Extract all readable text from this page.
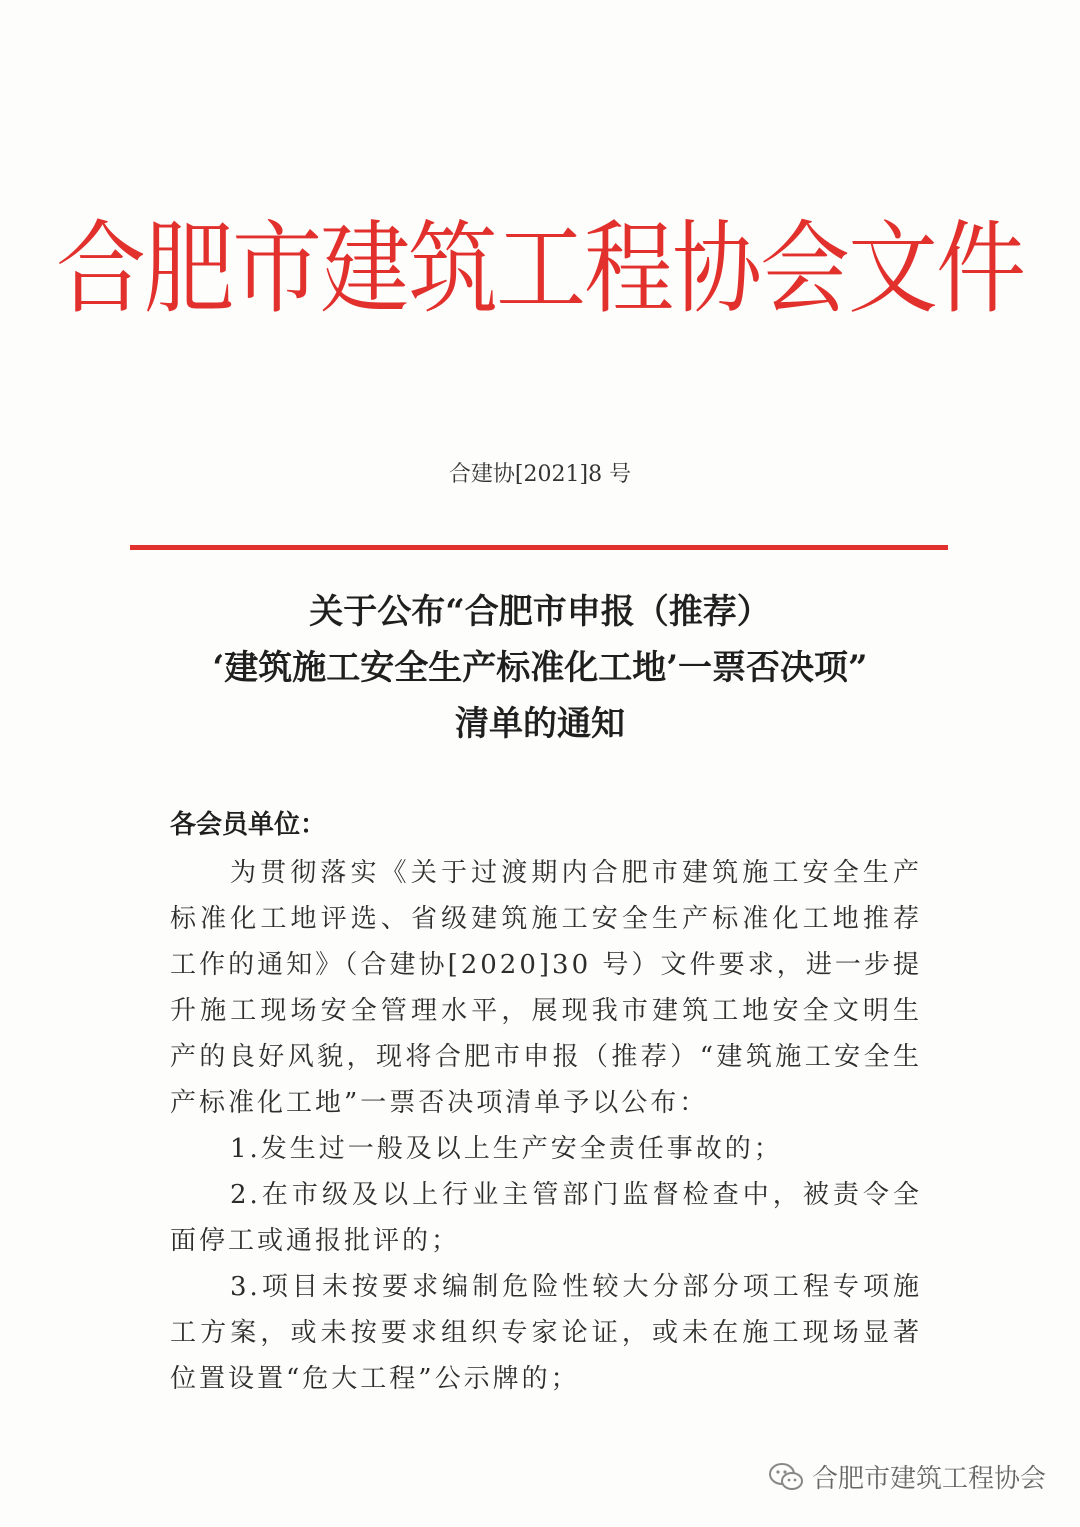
合肥市建筑工程协会文件
合建协[2021]8 号
关于公布“合肥市申报（推荐）
‘建筑施工安全生产标准化工地’一票否决项”
清单的通知
各会员单位：

为贯彻落实《关于过渡期内合肥市建筑施工安全生产标准化工地评选、省级建筑施工安全生产标准化工地推荐工作的通知》（合建协[2020]30 号）文件要求，进一步提升施工现场安全管理水平，展现我市建筑工地安全文明生产的良好风貌，现将合肥市申报（推荐）“建筑施工安全生产标准化工地”一票否决项清单予以公布：

1.发生过一般及以上生产安全责任事故的；

2.在市级及以上行业主管部门监督检查中，被责令全面停工或通报批评的；

3.项目未按要求编制危险性较大分部分项工程专项施工方案，或未按要求组织专家论证，或未在施工现场显著位置设置“危大工程”公示牌的；

合肥市建筑工程协会
